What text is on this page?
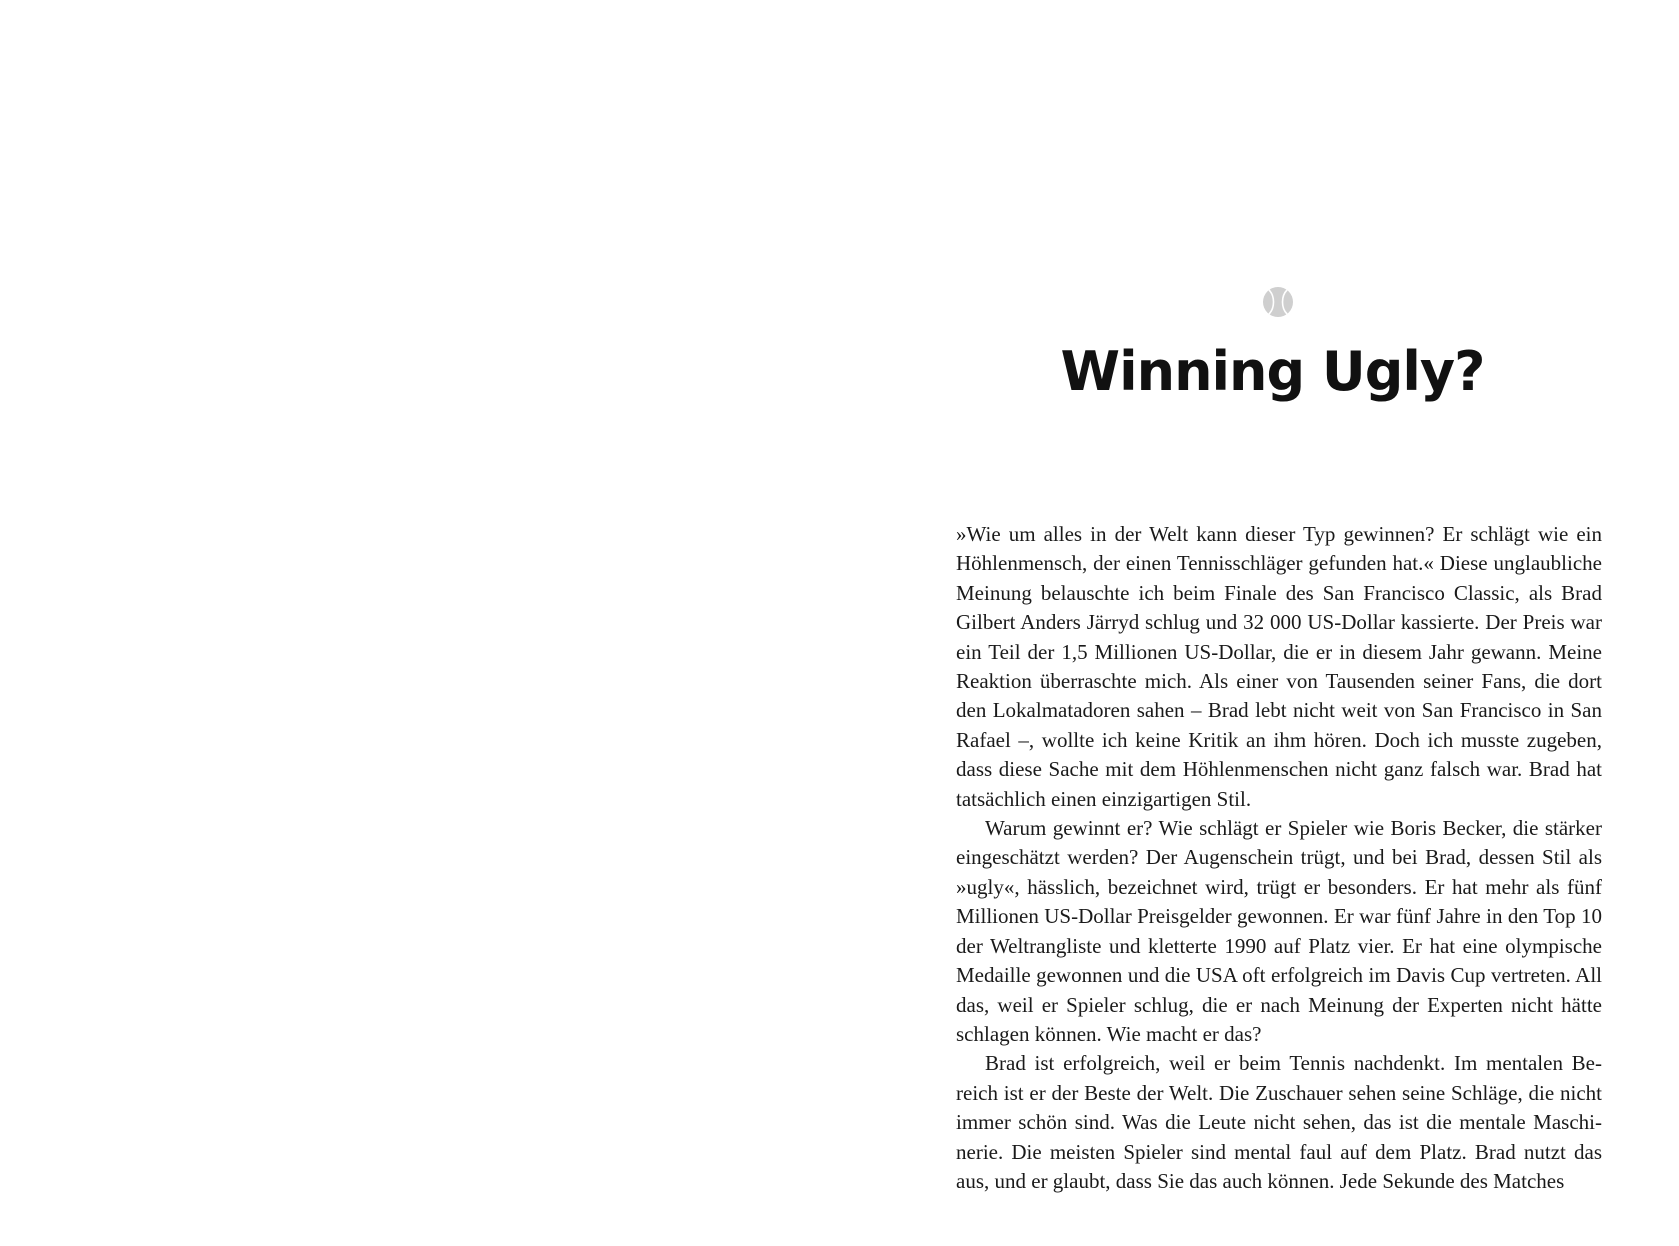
Winning Ugly?

»Wie um alles in der Welt kann dieser Typ gewinnen? Er schlägt wie ein Höhlenmensch, der einen Tennisschläger gefunden hat.« Diese unglaubliche Meinung belauschte ich beim Finale des San Francisco Classic, als Brad Gilbert Anders Järryd schlug und 32 000 US-Dollar kassierte. Der Preis war ein Teil der 1,5 Millionen US-Dollar, die er in diesem Jahr gewann. Meine Reaktion überraschte mich. Als einer von Tausenden seiner Fans, die dort den Lokalmatadoren sahen – Brad lebt nicht weit von San Francisco in San Rafael –, wollte ich keine Kritik an ihm hören. Doch ich musste zugeben, dass diese Sache mit dem Höhlenmenschen nicht ganz falsch war. Brad hat tatsächlich einen einzigartigen Stil.

Warum gewinnt er? Wie schlägt er Spieler wie Boris Becker, die stärker eingeschätzt werden? Der Augenschein trügt, und bei Brad, dessen Stil als »ugly«, hässlich, bezeichnet wird, trügt er besonders. Er hat mehr als fünf Millionen US-Dollar Preisgelder gewonnen. Er war fünf Jahre in den Top 10 der Weltrangliste und kletterte 1990 auf Platz vier. Er hat eine olympische Medaille gewonnen und die USA oft erfolgreich im Davis Cup vertreten. All das, weil er Spieler schlug, die er nach Meinung der Experten nicht hätte schlagen können. Wie macht er das?

Brad ist erfolgreich, weil er beim Tennis nachdenkt. Im mentalen Bereich ist er der Beste der Welt. Die Zuschauer sehen seine Schläge, die nicht immer schön sind. Was die Leute nicht sehen, das ist die mentale Maschinerie. Die meisten Spieler sind mental faul auf dem Platz. Brad nutzt das aus, und er glaubt, dass Sie das auch können. Jede Sekunde des Matches
